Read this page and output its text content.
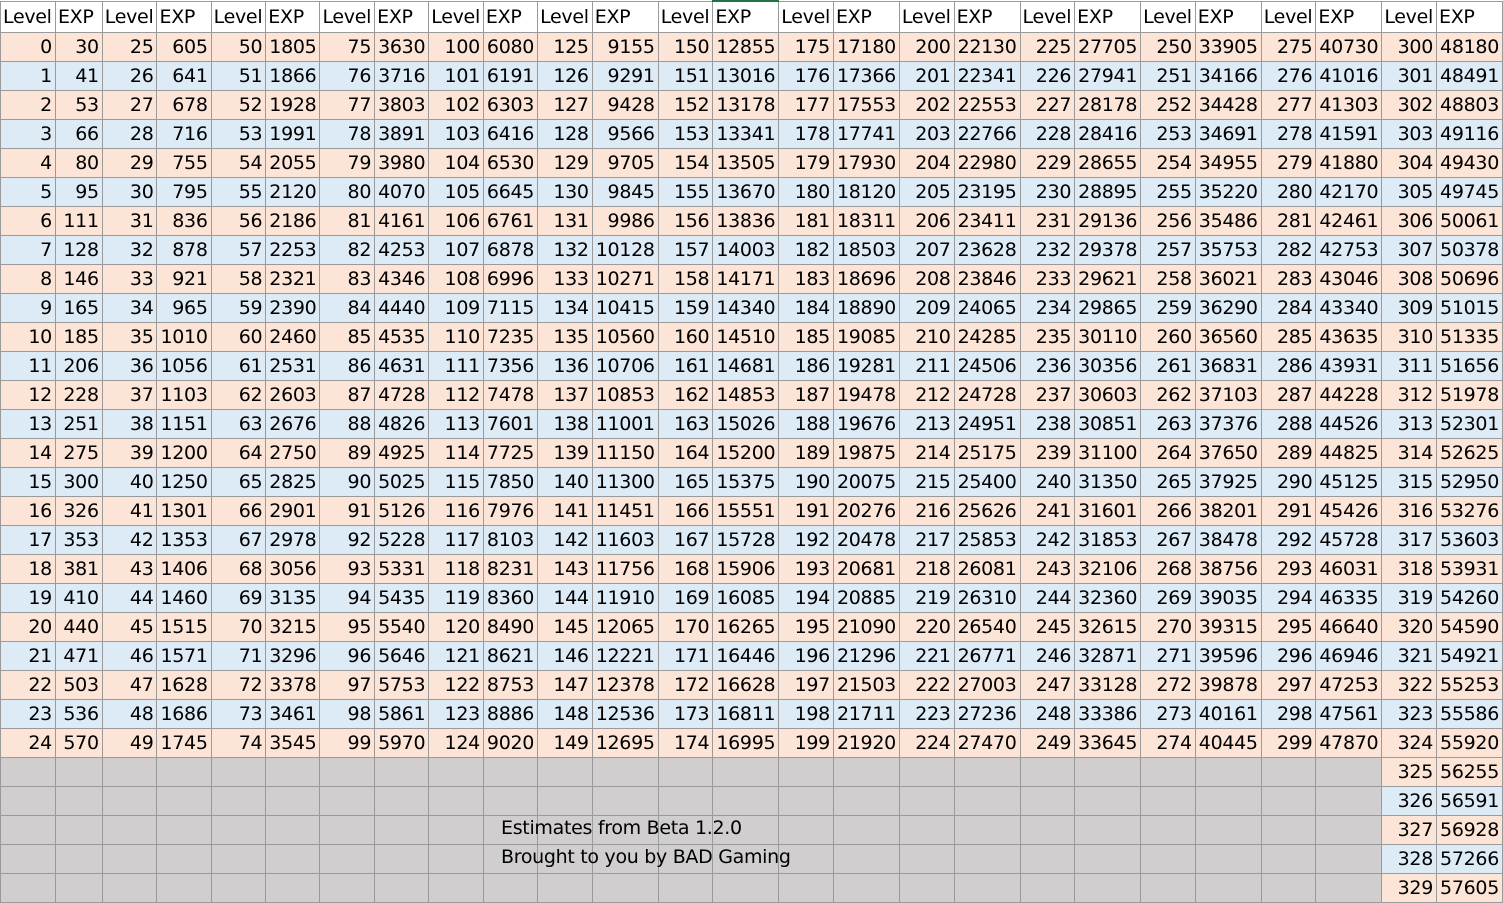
Level	EXP	Level	EXP	Level	EXP	Level	EXP	Level	EXP	Level	EXP	Level	EXP	Level	EXP	Level	EXP	Level	EXP	Level	EXP	Level	EXP	Level	EXP
0	30	25	605	50	1805	75	3630	100	6080	125	9155	150	12855	175	17180	200	22130	225	27705	250	33905	275	40730	300	48180
1	41	26	641	51	1866	76	3716	101	6191	126	9291	151	13016	176	17366	201	22341	226	27941	251	34166	276	41016	301	48491
2	53	27	678	52	1928	77	3803	102	6303	127	9428	152	13178	177	17553	202	22553	227	28178	252	34428	277	41303	302	48803
3	66	28	716	53	1991	78	3891	103	6416	128	9566	153	13341	178	17741	203	22766	228	28416	253	34691	278	41591	303	49116
4	80	29	755	54	2055	79	3980	104	6530	129	9705	154	13505	179	17930	204	22980	229	28655	254	34955	279	41880	304	49430
5	95	30	795	55	2120	80	4070	105	6645	130	9845	155	13670	180	18120	205	23195	230	28895	255	35220	280	42170	305	49745
6	111	31	836	56	2186	81	4161	106	6761	131	9986	156	13836	181	18311	206	23411	231	29136	256	35486	281	42461	306	50061
7	128	32	878	57	2253	82	4253	107	6878	132	10128	157	14003	182	18503	207	23628	232	29378	257	35753	282	42753	307	50378
8	146	33	921	58	2321	83	4346	108	6996	133	10271	158	14171	183	18696	208	23846	233	29621	258	36021	283	43046	308	50696
9	165	34	965	59	2390	84	4440	109	7115	134	10415	159	14340	184	18890	209	24065	234	29865	259	36290	284	43340	309	51015
10	185	35	1010	60	2460	85	4535	110	7235	135	10560	160	14510	185	19085	210	24285	235	30110	260	36560	285	43635	310	51335
11	206	36	1056	61	2531	86	4631	111	7356	136	10706	161	14681	186	19281	211	24506	236	30356	261	36831	286	43931	311	51656
12	228	37	1103	62	2603	87	4728	112	7478	137	10853	162	14853	187	19478	212	24728	237	30603	262	37103	287	44228	312	51978
13	251	38	1151	63	2676	88	4826	113	7601	138	11001	163	15026	188	19676	213	24951	238	30851	263	37376	288	44526	313	52301
14	275	39	1200	64	2750	89	4925	114	7725	139	11150	164	15200	189	19875	214	25175	239	31100	264	37650	289	44825	314	52625
15	300	40	1250	65	2825	90	5025	115	7850	140	11300	165	15375	190	20075	215	25400	240	31350	265	37925	290	45125	315	52950
16	326	41	1301	66	2901	91	5126	116	7976	141	11451	166	15551	191	20276	216	25626	241	31601	266	38201	291	45426	316	53276
17	353	42	1353	67	2978	92	5228	117	8103	142	11603	167	15728	192	20478	217	25853	242	31853	267	38478	292	45728	317	53603
18	381	43	1406	68	3056	93	5331	118	8231	143	11756	168	15906	193	20681	218	26081	243	32106	268	38756	293	46031	318	53931
19	410	44	1460	69	3135	94	5435	119	8360	144	11910	169	16085	194	20885	219	26310	244	32360	269	39035	294	46335	319	54260
20	440	45	1515	70	3215	95	5540	120	8490	145	12065	170	16265	195	21090	220	26540	245	32615	270	39315	295	46640	320	54590
21	471	46	1571	71	3296	96	5646	121	8621	146	12221	171	16446	196	21296	221	26771	246	32871	271	39596	296	46946	321	54921
22	503	47	1628	72	3378	97	5753	122	8753	147	12378	172	16628	197	21503	222	27003	247	33128	272	39878	297	47253	322	55253
23	536	48	1686	73	3461	98	5861	123	8886	148	12536	173	16811	198	21711	223	27236	248	33386	273	40161	298	47561	323	55586
24	570	49	1745	74	3545	99	5970	124	9020	149	12695	174	16995	199	21920	224	27470	249	33645	274	40445	299	47870	324	55920
																								325	56255
																								326	56591
																								327	56928
																								328	57266
																								329	57605
Estimates from Beta 1.2.0
Brought to you by BAD Gaming
